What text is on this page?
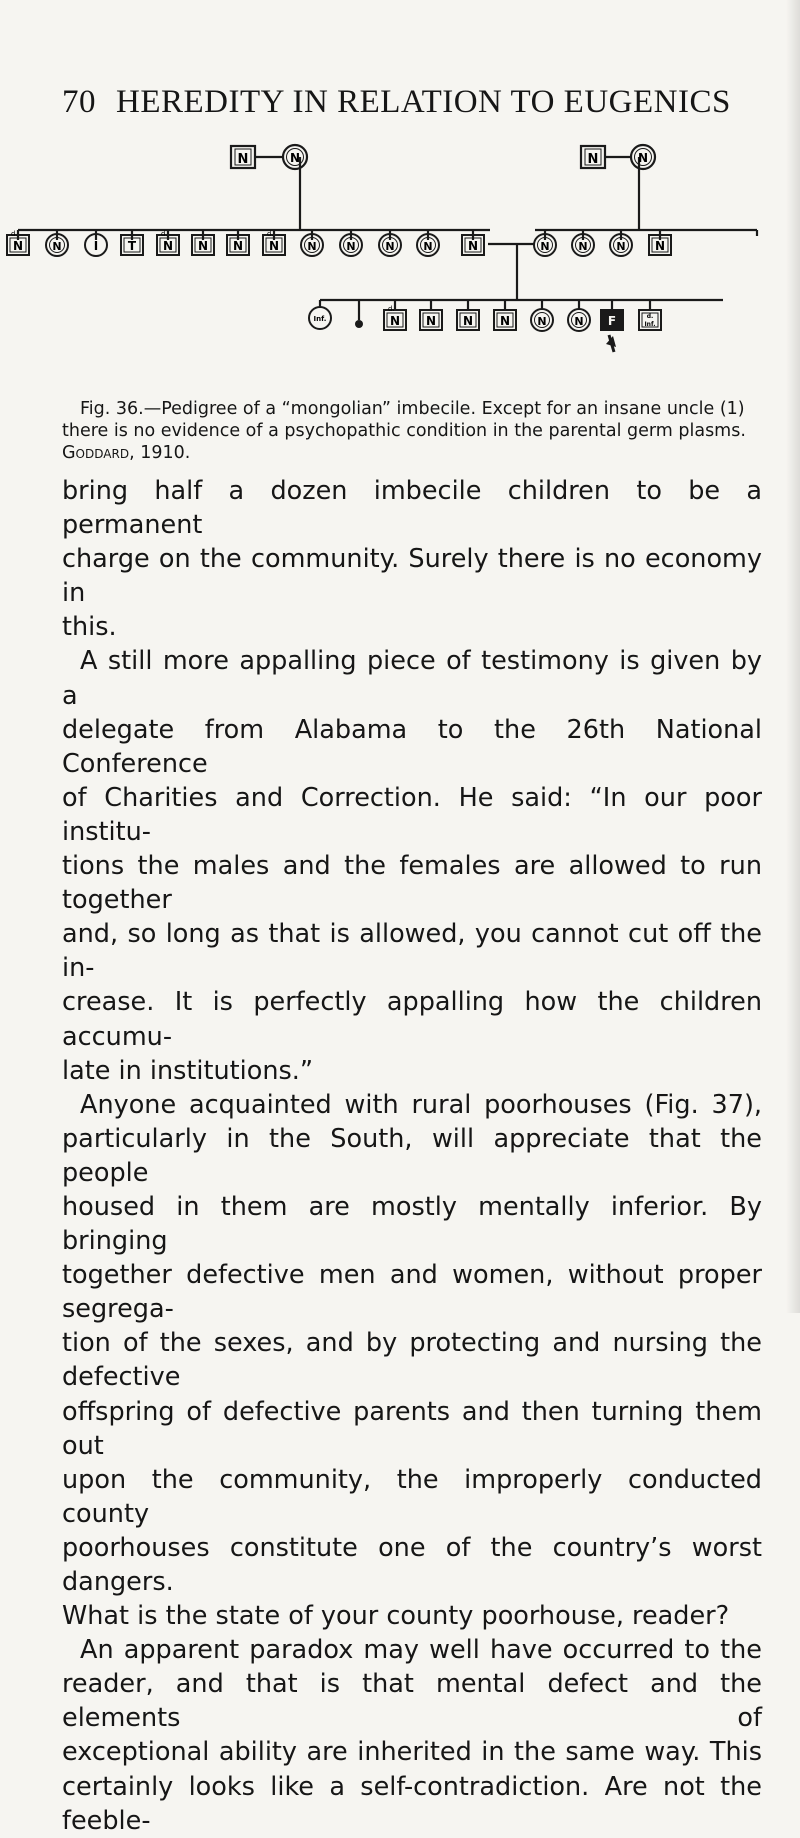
70 HEREDITY IN RELATION TO EUGENICS
N	N	N	N
N
d.
N	I T N
d.
N N N
d.
N	N	N	N	N	N	N	N N
Inf.	N
d.
N N N N	N F	d.
Inf.
Fig. 36.—Pedigree of a “mongolian” imbecile. Except for an insane uncle (1) there is no evidence of a psychopathic condition in the parental germ plasms. Goddard, 1910.

bring half a dozen imbecile children to be a permanent

charge on the community. Surely there is no economy in

this.

A still more appalling piece of testimony is given by a

delegate from Alabama to the 26th National Conference

of Charities and Correction. He said: “In our poor institu-

tions the males and the females are allowed to run together

and, so long as that is allowed, you cannot cut off the in-

crease. It is perfectly appalling how the children accumu-

late in institutions.”

Anyone acquainted with rural poorhouses (Fig. 37),

particularly in the South, will appreciate that the people

housed in them are mostly mentally inferior. By bringing

together defective men and women, without proper segrega-

tion of the sexes, and by protecting and nursing the defective

offspring of defective parents and then turning them out

upon the community, the improperly conducted county

poorhouses constitute one of the country’s worst dangers.

What is the state of your county poorhouse, reader?

An apparent paradox may well have occurred to the

reader, and that is that mental defect and the elements of

exceptional ability are inherited in the same way. This

certainly looks like a self-contradiction. Are not the feeble-
